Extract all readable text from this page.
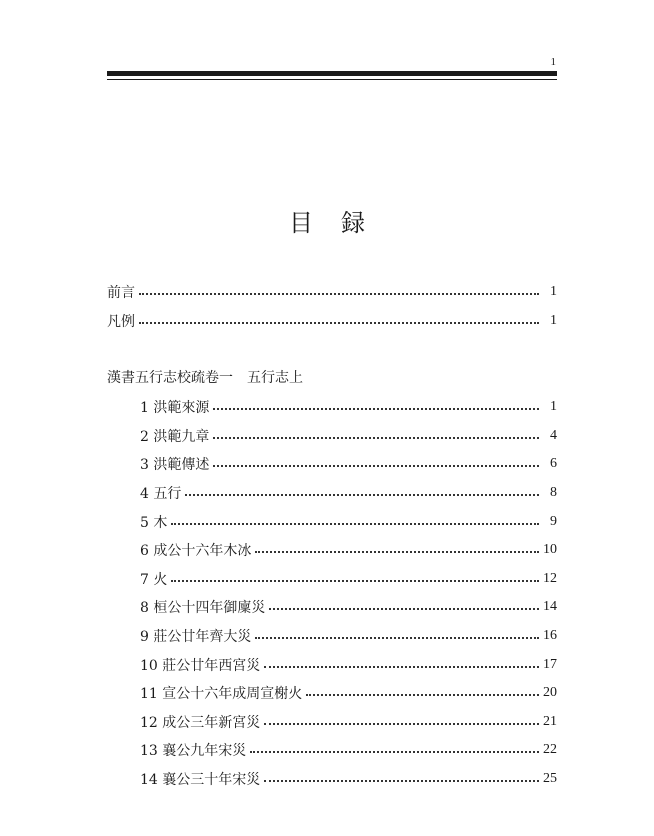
1
目録
前言	1
凡例	1
漢書五行志校疏卷一 五行志上
1 洪範來源	1
2 洪範九章	4
3 洪範傳述	6
4 五行	8
5 木	9
6 成公十六年木冰	10
7 火	12
8 桓公十四年御廩災	14
9 莊公廿年齊大災	16
10 莊公廿年西宮災	17
11 宣公十六年成周宣榭火	20
12 成公三年新宮災	21
13 襄公九年宋災	22
14 襄公三十年宋災	25
